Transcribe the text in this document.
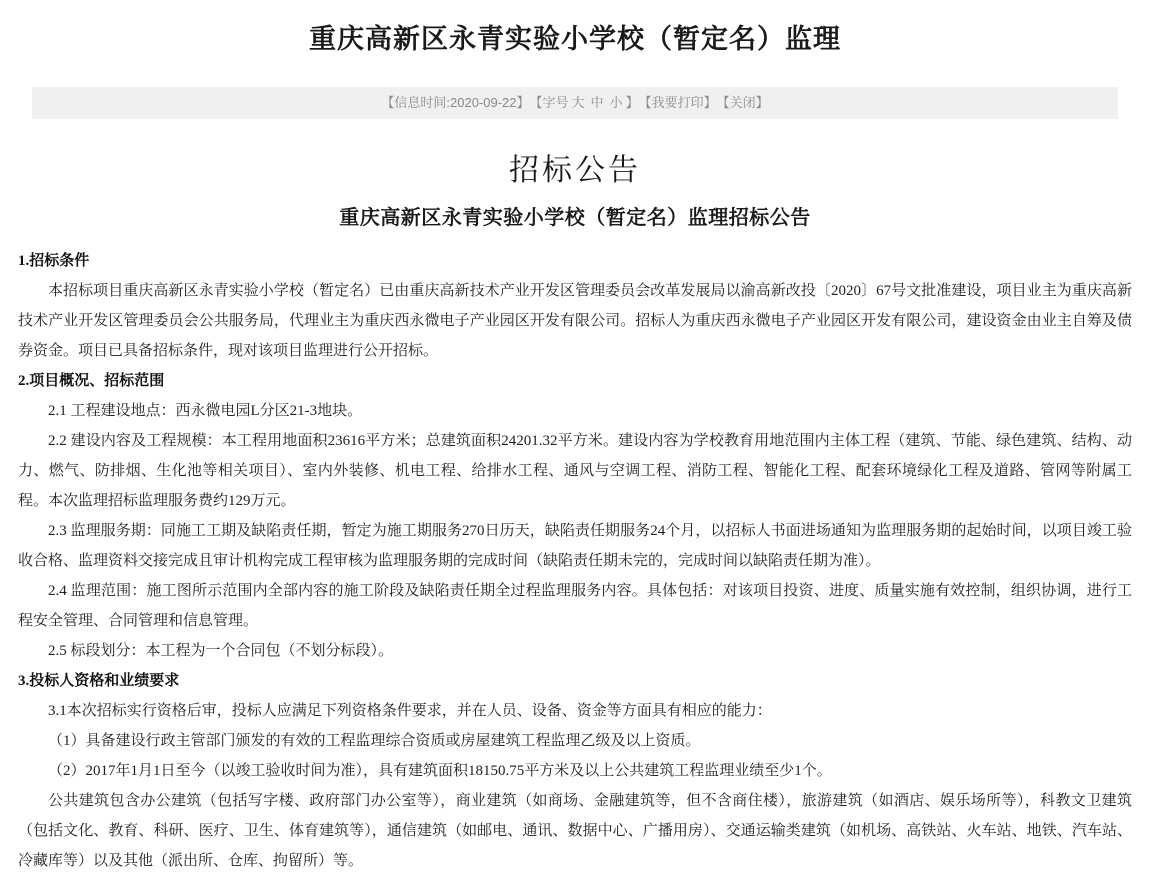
重庆高新区永青实验小学校（暂定名）监理
【信息时间:2020-09-22】【字号 大 中 小 】【我要打印】【关闭】
招标公告
重庆高新区永青实验小学校（暂定名）监理招标公告

1.招标条件

本招标项目重庆高新区永青实验小学校（暂定名）已由重庆高新技术产业开发区管理委员会改革发展局以渝高新改投〔2020〕67号文批准建设，项目业主为重庆高新技术产业开发区管理委员会公共服务局，代理业主为重庆西永微电子产业园区开发有限公司。招标人为重庆西永微电子产业园区开发有限公司，建设资金由业主自筹及债券资金。项目已具备招标条件，现对该项目监理进行公开招标。

2.项目概况、招标范围

2.1 工程建设地点：西永微电园L分区21-3地块。

2.2 建设内容及工程规模：本工程用地面积23616平方米；总建筑面积24201.32平方米。建设内容为学校教育用地范围内主体工程（建筑、节能、绿色建筑、结构、动力、燃气、防排烟、生化池等相关项目）、室内外装修、机电工程、给排水工程、通风与空调工程、消防工程、智能化工程、配套环境绿化工程及道路、管网等附属工程。本次监理招标监理服务费约129万元。

2.3 监理服务期：同施工工期及缺陷责任期，暂定为施工期服务270日历天，缺陷责任期服务24个月，以招标人书面进场通知为监理服务期的起始时间，以项目竣工验收合格、监理资料交接完成且审计机构完成工程审核为监理服务期的完成时间（缺陷责任期未完的，完成时间以缺陷责任期为准）。

2.4 监理范围：施工图所示范围内全部内容的施工阶段及缺陷责任期全过程监理服务内容。具体包括：对该项目投资、进度、质量实施有效控制，组织协调，进行工程安全管理、合同管理和信息管理。

2.5 标段划分：本工程为一个合同包（不划分标段）。

3.投标人资格和业绩要求

3.1本次招标实行资格后审，投标人应满足下列资格条件要求，并在人员、设备、资金等方面具有相应的能力：

（1）具备建设行政主管部门颁发的有效的工程监理综合资质或房屋建筑工程监理乙级及以上资质。

（2）2017年1月1日至今（以竣工验收时间为准），具有建筑面积18150.75平方米及以上公共建筑工程监理业绩至少1个。

公共建筑包含办公建筑（包括写字楼、政府部门办公室等），商业建筑（如商场、金融建筑等，但不含商住楼），旅游建筑（如酒店、娱乐场所等），科教文卫建筑（包括文化、教育、科研、医疗、卫生、体育建筑等），通信建筑（如邮电、通讯、数据中心、广播用房）、交通运输类建筑（如机场、高铁站、火车站、地铁、汽车站、冷藏库等）以及其他（派出所、仓库、拘留所）等。
